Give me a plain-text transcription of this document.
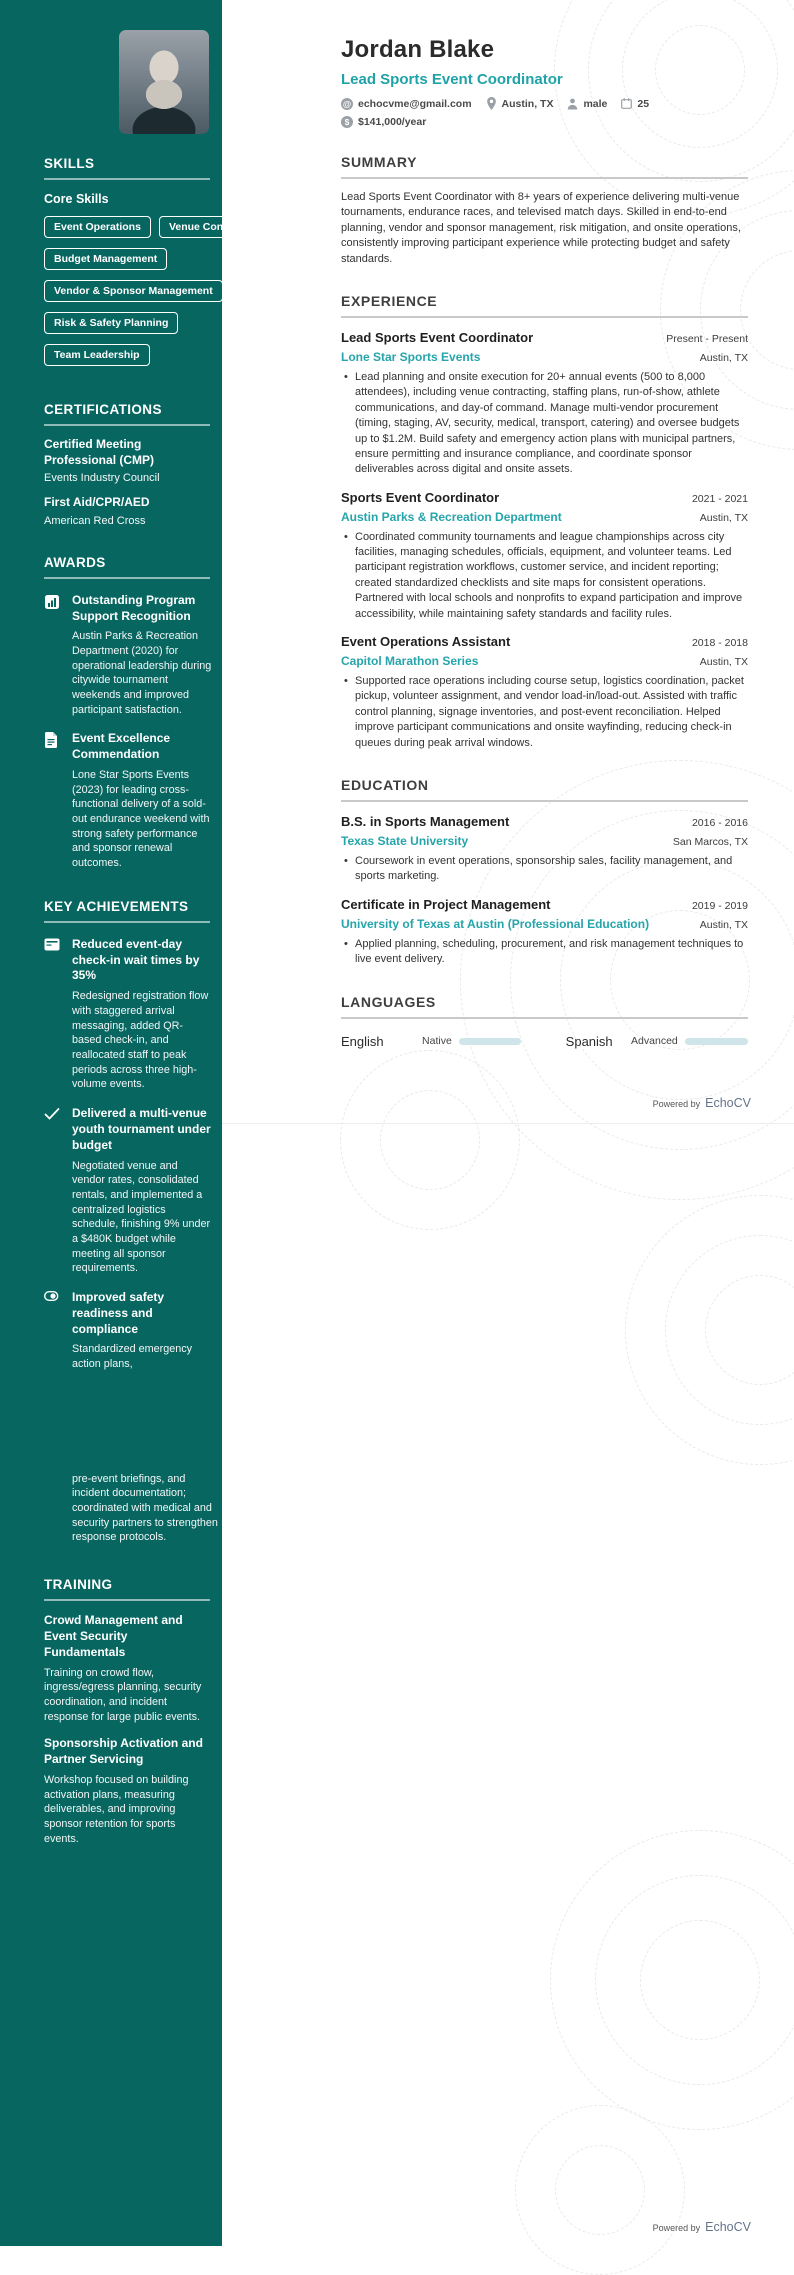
SKILLS
Core Skills
Event Operations	Venue Contracting
Budget Management
Vendor & Sponsor Management
Risk & Safety Planning
Team Leadership
CERTIFICATIONS
Certified Meeting Professional (CMP)
Events Industry Council
First Aid/CPR/AED
American Red Cross
AWARDS
Outstanding Program Support Recognition
Austin Parks & Recreation Department (2020) for operational leadership during citywide tournament weekends and improved participant satisfaction.
Event Excellence Commendation
Lone Star Sports Events (2023) for leading cross-functional delivery of a sold-out endurance weekend with strong safety performance and sponsor renewal outcomes.
KEY ACHIEVEMENTS
Reduced event-day check-in wait times by 35%
Redesigned registration flow with staggered arrival messaging, added QR-based check-in, and reallocated staff to peak periods across three high-volume events.
Delivered a multi-venue youth tournament under budget
Negotiated venue and vendor rates, consolidated rentals, and implemented a centralized logistics schedule, finishing 9% under a $480K budget while meeting all sponsor requirements.
Improved safety readiness and compliance
Standardized emergency action plans,
pre-event briefings, and incident documentation; coordinated with medical and security partners to strengthen response protocols.
TRAINING
Crowd Management and Event Security Fundamentals
Training on crowd flow, ingress/egress planning, security coordination, and incident response for large public events.
Sponsorship Activation and Partner Servicing
Workshop focused on building activation plans, measuring deliverables, and improving sponsor retention for sports events.
Jordan Blake
Lead Sports Event Coordinator
@ echocvme@gmail.com	Austin, TX	male	25
$ $141,000/year
SUMMARY

Lead Sports Event Coordinator with 8+ years of experience delivering multi-venue tournaments, endurance races, and televised match days. Skilled in end-to-end planning, vendor and sponsor management, risk mitigation, and onsite operations, consistently improving participant experience while protecting budget and safety standards.

EXPERIENCE
Lead Sports Event Coordinator	Present - Present
Lone Star Sports Events	Austin, TX
• Lead planning and onsite execution for 20+ annual events (500 to 8,000 attendees), including venue contracting, staffing plans, run-of-show, athlete communications, and day-of command. Manage multi-vendor procurement (timing, staging, AV, security, medical, transport, catering) and oversee budgets up to $1.2M. Build safety and emergency action plans with municipal partners, ensure permitting and insurance compliance, and coordinate sponsor deliverables across digital and onsite assets.
Sports Event Coordinator	2021 - 2021
Austin Parks & Recreation Department	Austin, TX
• Coordinated community tournaments and league championships across city facilities, managing schedules, officials, equipment, and volunteer teams. Led participant registration workflows, customer service, and incident reporting; created standardized checklists and site maps for consistent operations. Partnered with local schools and nonprofits to expand participation and improve accessibility, while maintaining safety standards and facility rules.
Event Operations Assistant	2018 - 2018
Capitol Marathon Series	Austin, TX
• Supported race operations including course setup, logistics coordination, packet pickup, volunteer assignment, and vendor load-in/load-out. Assisted with traffic control planning, signage inventories, and post-event reconciliation. Helped improve participant communications and onsite wayfinding, reducing check-in queues during peak arrival windows.
EDUCATION
B.S. in Sports Management	2016 - 2016
Texas State University	San Marcos, TX
• Coursework in event operations, sponsorship sales, facility management, and sports marketing.
Certificate in Project Management	2019 - 2019
University of Texas at Austin (Professional Education)	Austin, TX
• Applied planning, scheduling, procurement, and risk management techniques to live event delivery.
LANGUAGES
English	Native	Spanish	Advanced
Powered by EchoCV
Powered by EchoCV
